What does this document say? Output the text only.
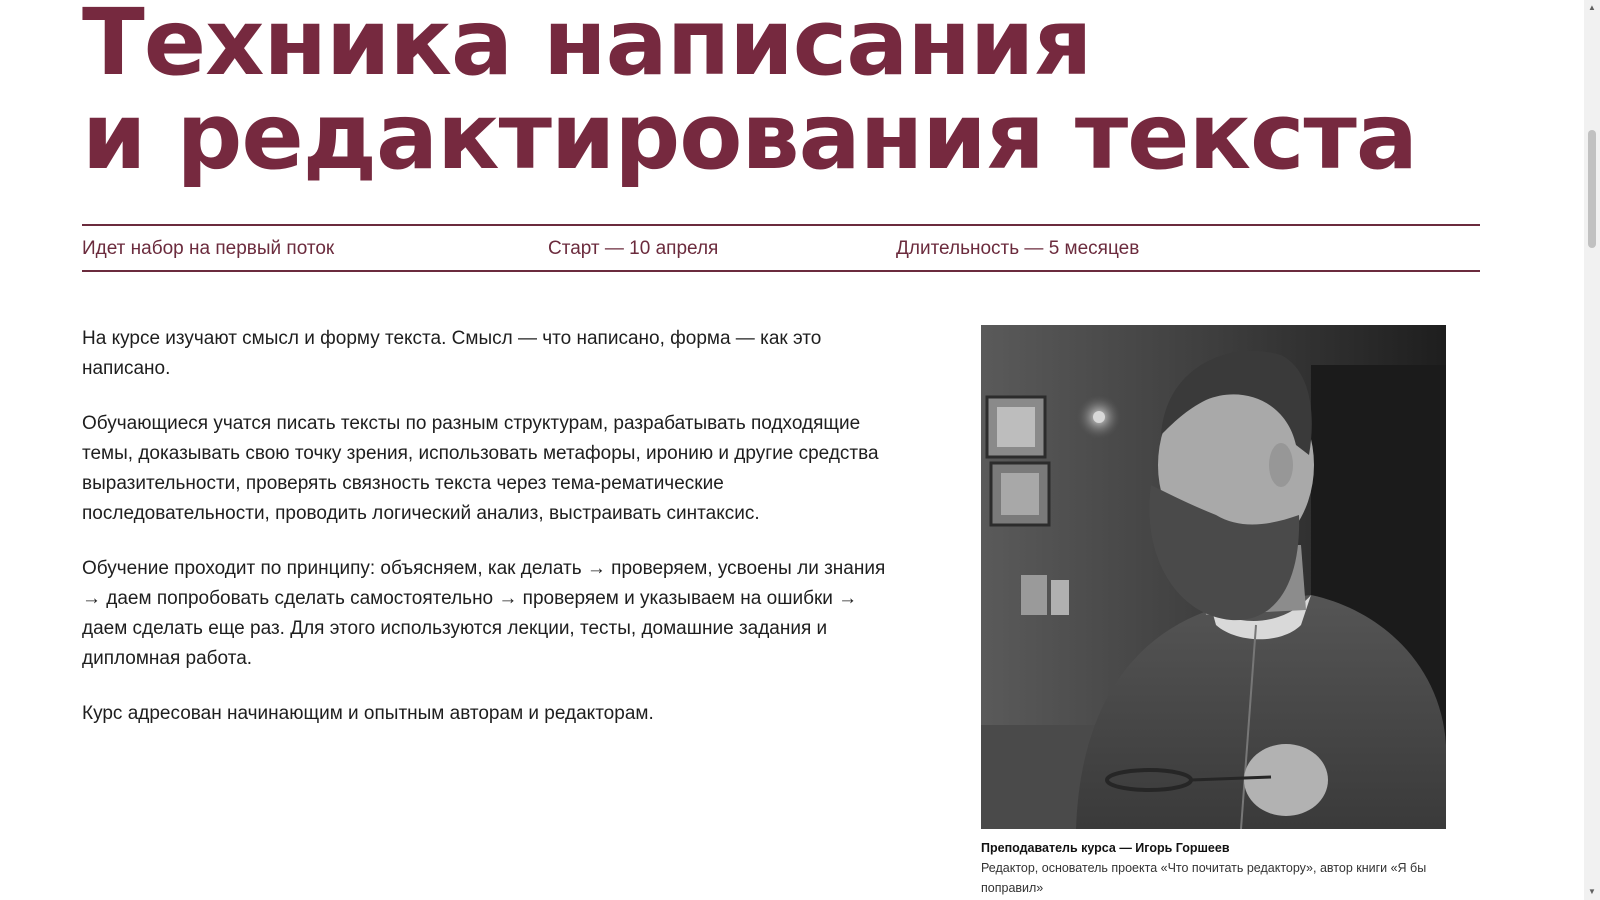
Техника написания
и редактирования текста
Идет набор на первый поток	Старт — 10 апреля	Длительность — 5 месяцев

На курсе изучают смысл и форму текста. Смысл — что написано, форма — как это написано.

Обучающиеся учатся писать тексты по разным структурам, разрабатывать подходящие темы, доказывать свою точку зрения, использовать метафоры, иронию и другие средства выразительности, проверять связность текста через тема-рематические последовательности, проводить логический анализ, выстраивать синтаксис.

Обучение проходит по принципу: объясняем, как делать → проверяем, усвоены ли знания → даем попробовать сделать самостоятельно → проверяем и указываем на ошибки → даем сделать еще раз. Для этого используются лекции, тесты, домашние задания и дипломная работа.

Курс адресован начинающим и опытным авторам и редакторам.

Преподаватель курса — Игорь Горшеев

Редактор, основатель проекта «Что почитать редактору», автор книги «Я бы поправил»

▲
▼
